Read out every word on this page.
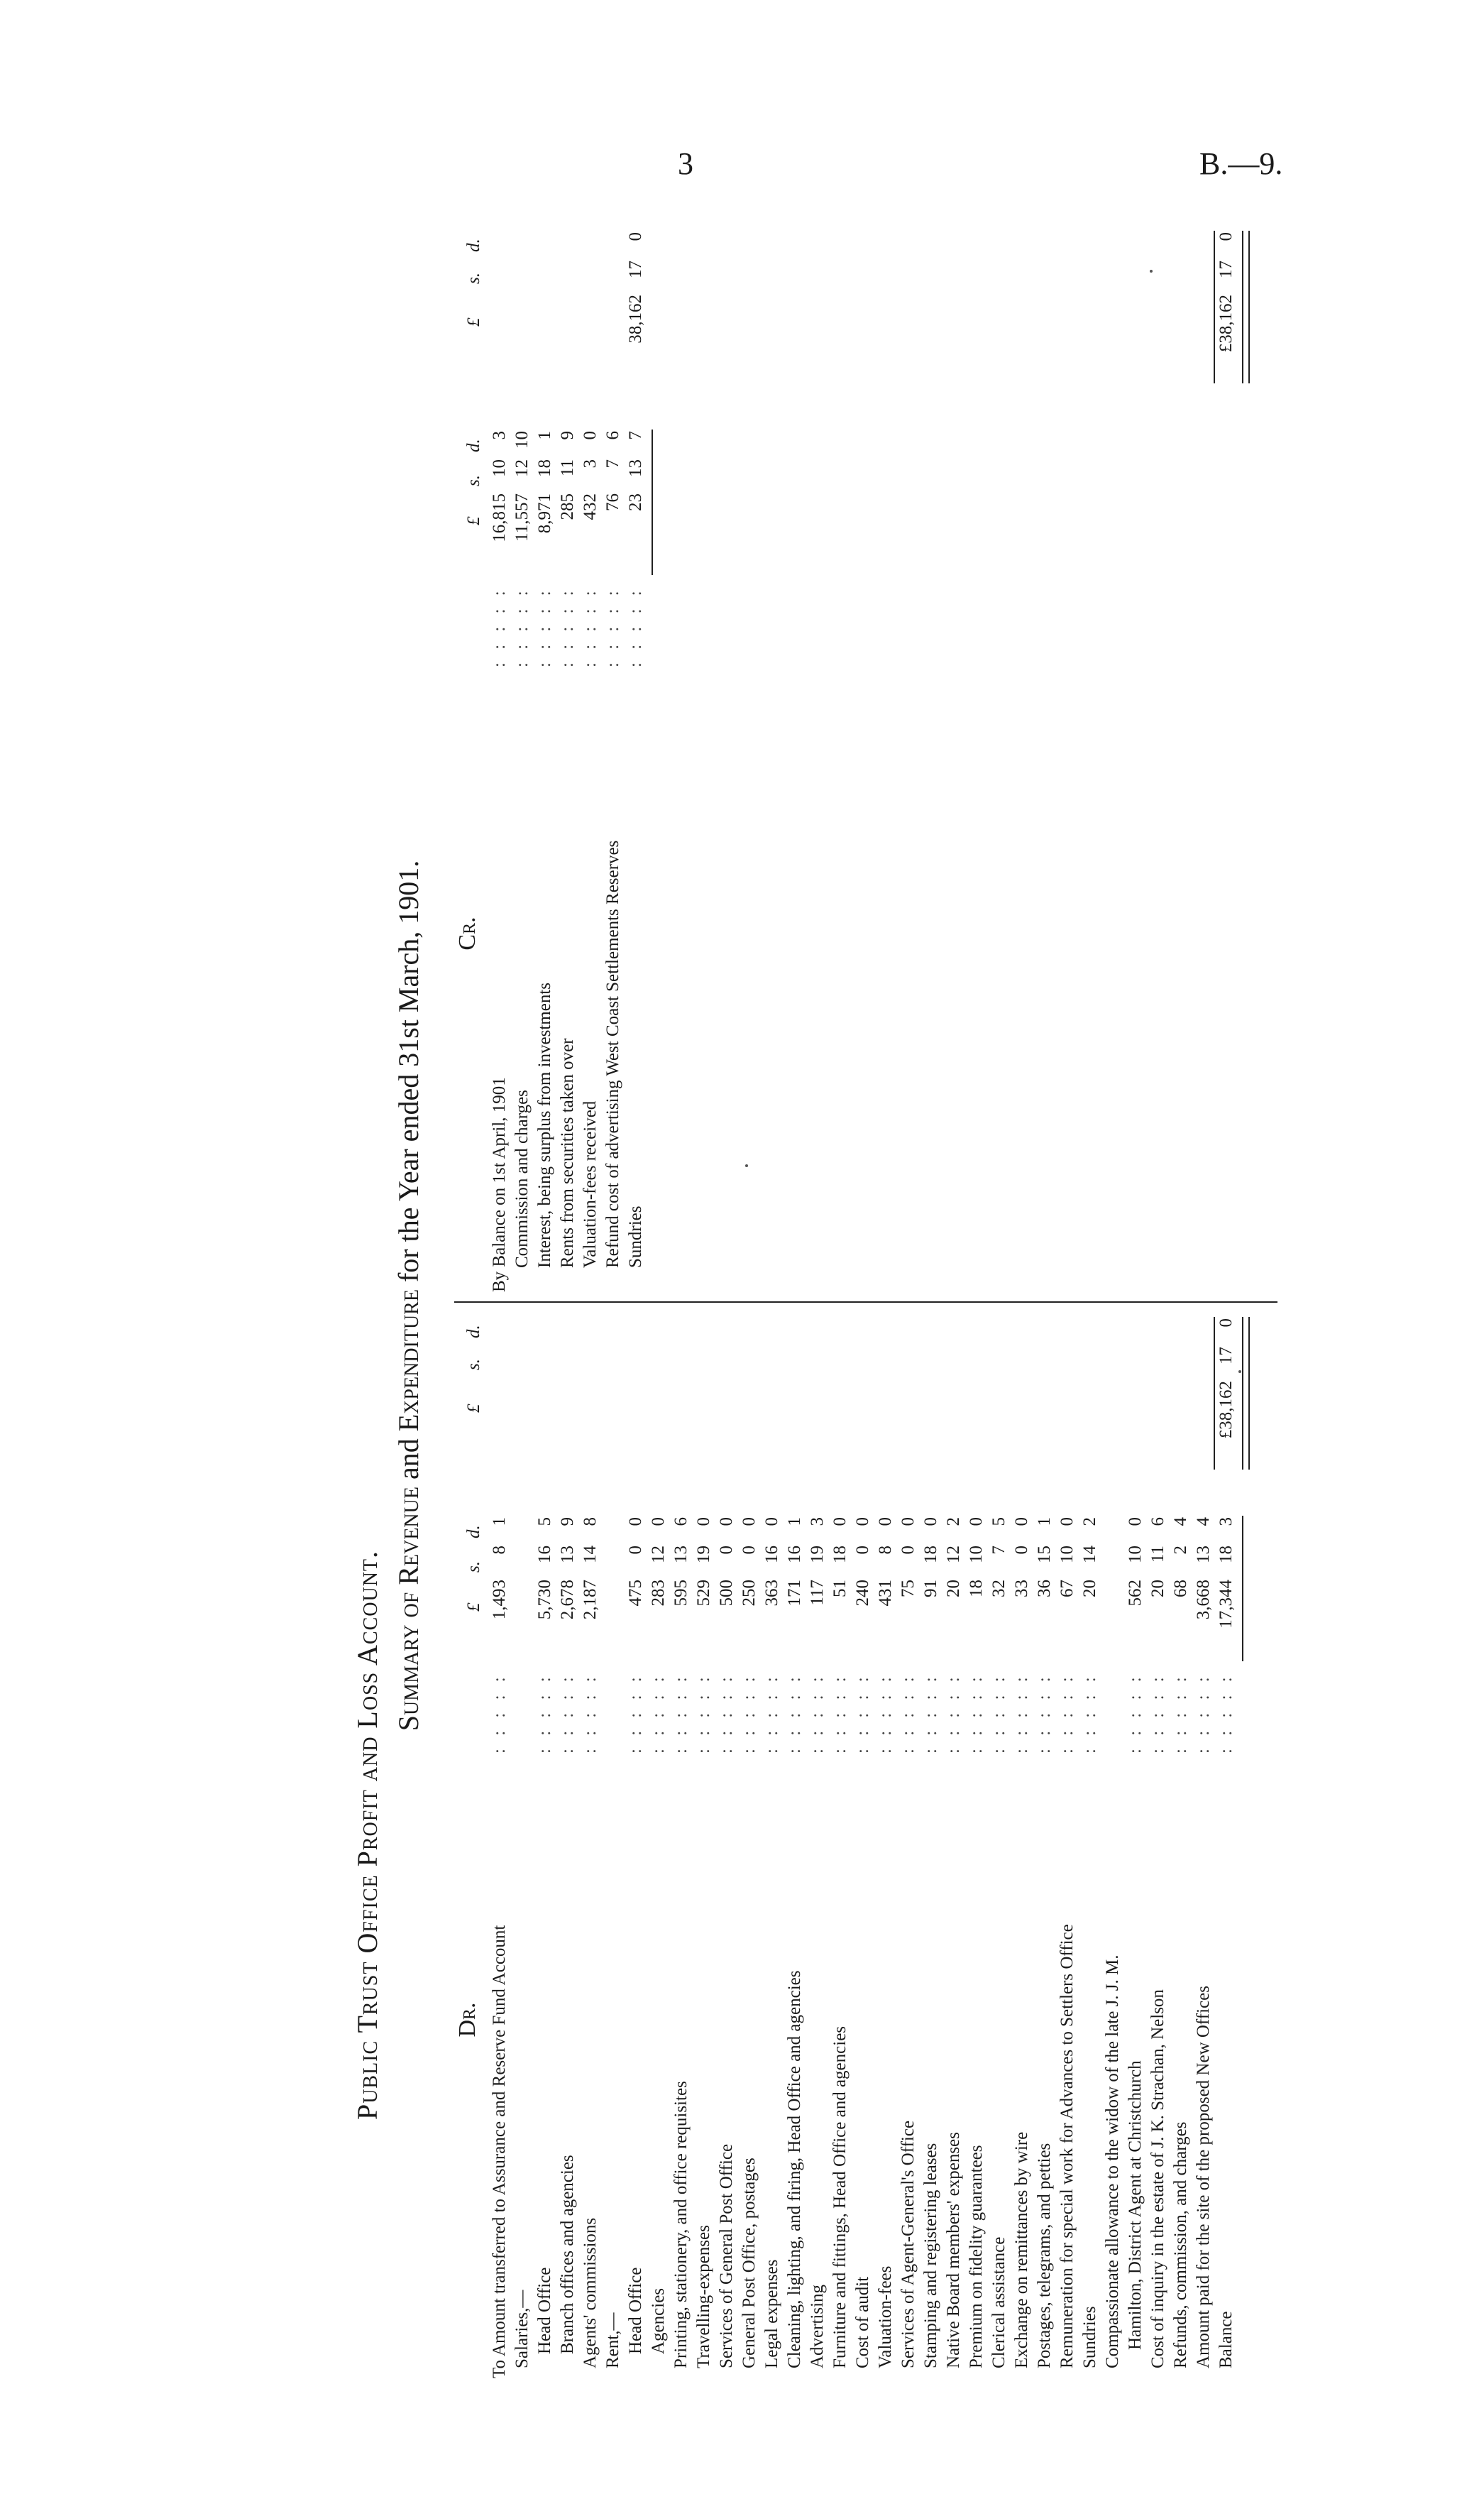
3	B.—9.
Public Trust Office Profit and Loss Account. Summary of Revenue and Expenditure for the Year ended 31st March, 1901.
Dr.
£
s.
d.
£
s.
d.
To Amount transferred to Assurance and Reserve Fund Account
: : : : :
1,493
8
1
Salaries,— Head Office
: : : : :
5,730
16
5
Branch offices and agencies
: : : : :
2,678
13
9
Agents' commissions
: : : : :
2,187
14
8
Rent,— Head Office
: : : : :
475
0
0
Agencies
: : : : :
283
12
0
Printing, stationery, and office requisites
: : : : :
595
13
6
Travelling-expenses
: : : : :
529
19
0
Services of General Post Office
: : : : :
500
0
0
General Post Office, postages
: : : : :
250
0
0
Legal expenses
: : : : :
363
16
0
Cleaning, lighting, and firing, Head Office and agencies
: : : : :
171
16
1
Advertising
: : : : :
117
19
3
Furniture and fittings, Head Office and agencies
: : : : :
51
18
0
Cost of audit
: : : : :
240
0
0
Valuation-fees
: : : : :
431
8
0
Services of Agent-General's Office
: : : : :
75
0
0
Stamping and registering leases
: : : : :
91
18
0
Native Board members' expenses
: : : : :
20
12
2
Premium on fidelity guarantees
: : : : :
18
10
0
Clerical assistance
: : : : :
32
7
5
Exchange on remittances by wire
: : : : :
33
0
0
Postages, telegrams, and petties
: : : : :
36
15
1
Remuneration for special work for Advances to Settlers Office
: : : : :
67
10
0
Sundries
: : : : :
20
14
2
Compassionate allowance to the widow of the late J. J. M. Hamilton, District Agent at Christchurch
: : : : :
562
10
0
Cost of inquiry in the estate of J. K. Strachan, Nelson
: : : : :
20
11
6
Refunds, commission, and charges
: : : : :
68
2
4
Amount paid for the site of the proposed New Offices
: : : : :
3,668
13
4
Balance
: : : : :
17,344
18
3
£38,162
17
0
Cr.
£
s.
d.
£
s.
d.
By Balance on 1st April, 1901
: : : : :
16,815
10
3
Commission and charges
: : : : :
11,557
12
10
Interest, being surplus from investments
: : : : :
8,971
18
1
Rents from securities taken over
: : : : :
285
11
9
Valuation-fees received
: : : : :
432
3
0
Refund cost of advertising West Coast Settlements Reserves
: : : : :
76
7
6
Sundries
: : : : :
23
13
7
38,162
17
0
£38,162
17
0
